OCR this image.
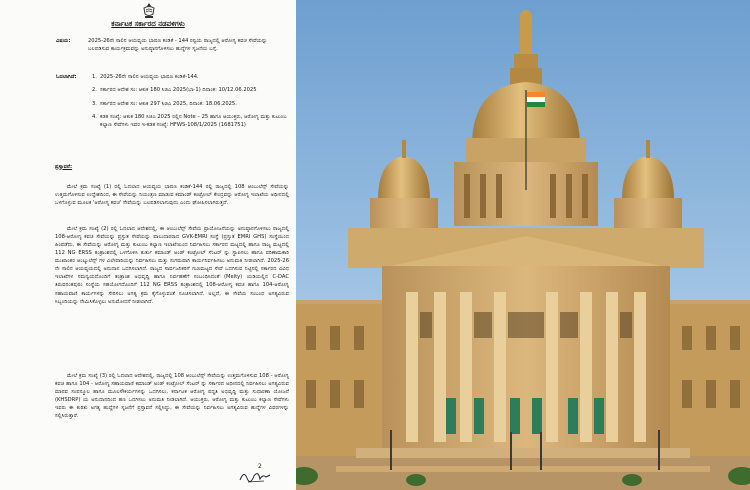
ಕರ್ನಾಟಕ ಸರ್ಕಾರದ ನಡವಳಿಗಳು
ವಿಷಯ:	2025-26ನೇ ಸಾಲಿನ ಆಯವ್ಯಯ ಭಾಷಣ ಕಂಡಿಕೆ - 144 ರನ್ವಯ ರಾಜ್ಯದಲ್ಲಿ ಆರೋಗ್ಯ ಕವಚ ಸೇವೆಯನ್ನು ಬಲಪಡಿಸುವ ಕಾರ್ಯಕ್ರಮವನ್ನು ಅನುಷ್ಠಾನಗೊಳಿಸಲು ಹುದ್ದೆಗಳ ಸೃಜನೆಯ ಬಗ್ಗೆ.
ಓದಲಾಗಿದೆ:	1. 2025-26ನೇ ಸಾಲಿನ ಆಯವ್ಯಯ ಭಾಷಣ ಕಂಡಿಕೆ-144.
2. ಸರ್ಕಾರದ ಆದೇಶ ಸಂ: ಆಕುಕ 180 ಸಿಜಿಎ 2025(ಭಾ-1) ದಿನಾಂಕ: 10/12.06.2025
3. ಸರ್ಕಾರದ ಆದೇಶ ಸಂ: ಆಕುಕ 297 ಸಿಜಿಎ 2025, ದಿನಾಂಕ: 18.06.2025.
4. ಕಡತ ಸಂಖ್ಯೆ: ಆಕುಕ 180 ಸಿಜಿಎ 2025 ರಲ್ಲಿನ Note – 25 ಹಾಗೂ ಆಯುಕ್ತರು, ಆರೋಗ್ಯ ಮತ್ತು ಕುಟುಂಬ ಕಲ್ಯಾಣ ಸೇವೆಗಳು ಇವರ ಇ-ಕಡತ ಸಂಖ್ಯೆ: HFWS-108/1/2025 (1681751)
ಪ್ರಸ್ತಾವನೆ:

ಮೇಲೆ ಕ್ರಮ ಸಂಖ್ಯೆ (1) ರಲ್ಲಿ ಓದಲಾದ ಆಯವ್ಯಯ ಭಾಷಣ ಕಂಡಿಕೆ-144 ರಲ್ಲಿ ರಾಜ್ಯದಲ್ಲಿ 108 ಆಂಬುಲೆನ್ಸ್ ಸೇವೆಯನ್ನು ಉತ್ತಮಗೊಳಿಸುವ ಉದ್ದೇಶದಿಂದ, ಈ ಸೇವೆಯನ್ನು ನಿಯಂತ್ರಣ ಮಾಡುವ ಕಮಾಂಡ್ ಕಂಟ್ರೋಲ್ ಕೇಂದ್ರವನ್ನು ಆರೋಗ್ಯ ಇಲಾಖೆಯ ಅಧೀನದಲ್ಲಿ ಒಳಗೊಳ್ಳುವ ಮೂಲಕ 'ಆರೋಗ್ಯ ಕವಚ' ಸೇವೆಯನ್ನು ಬಲಪಡಿಸಲಾಗುವುದು ಎಂದು ಘೋಷಿಸಲಾಗಿರುತ್ತದೆ.

ಮೇಲೆ ಕ್ರಮ ಸಂಖ್ಯೆ (2) ರಲ್ಲಿ ಓದಲಾದ ಆದೇಶದಲ್ಲಿ, ಈ ಆಂಬುಲೆನ್ಸ್ ಸೇವೆಯ ಪ್ರಾಯೋಜನೆಯನ್ನು ಅನುಷ್ಠಾನಗೊಳಿಸಲು ರಾಜ್ಯದಲ್ಲಿ 108-ಆರೋಗ್ಯ ಕವಚ ಸೇವೆಯನ್ನು ಪ್ರಸ್ತುತ ಸೇವೆಯನ್ನು ಪಾಲುದಾರರಾದ GVK-EMRI ಸಂಸ್ಥೆ (ಪ್ರಸ್ತುತ EMRI GHS) ಸಂಸ್ಥೆಯಿಂದ ಹಿಂಪಡೆದು, ಈ ಸೇವೆಯನ್ನು ಆರೋಗ್ಯ ಮತ್ತು ಕುಟುಂಬ ಕಲ್ಯಾಣ ಇಲಾಖೆಯಿಂದ ನಿರ್ವಹಿಸಲು ಸರ್ಕಾರದ ಮಟ್ಟದಲ್ಲಿ ಹಾಗೂ ರಾಜ್ಯ ಮಟ್ಟದಲ್ಲಿ 112 NG ERSS ತಂತ್ರಾಂಶದಲ್ಲಿ ಒಳಗೊಳಿಸಿ ತುರ್ತು ಕಮಾಂಡ್ ಅಂಡ್ ಕಂಟ್ರೋಲ್ ಸೆಂಟರ್ ನ್ನು ಸ್ಥಾಪಿಸಲು ಹಾಗೂ ಪರಿಣಾಮಕಾರಿ ಮುಖಾಂತರ ಆಂಬ್ಯುಲೆನ್ಸ್ ಗಳ ವಿಲೇವಾರಿಯನ್ನು ನಿರ್ವಹಿಸಲು ಮತ್ತು ಸುಗಮವಾಗಿ ಕಾರ್ಯನಿರ್ವಹಿಸಲು ಅನುಮತಿ ನೀಡಲಾಗಿದೆ. 2025-26 ನೇ ಸಾಲಿನ ಆಯವ್ಯಯದಲ್ಲಿ ಅನುದಾನ ಒದಗಿಸಲಾಗಿದೆ. ರಾಜ್ಯದ ಸಾರ್ವಜನಿಕರಿಗೆ ಗುಣಮಟ್ಟದ ಸೇವೆ ಒದಗಿಸುವ ನಿಟ್ಟಿನಲ್ಲಿ ಸರ್ಕಾರದ ವಿವಿಧ ಇಲಾಖೆಗಳ ಸಮನ್ವಯದೊಂದಿಗೆ ತಂತ್ರಾಂಶ ಅಭಿವೃದ್ಧಿ ಹಾಗೂ ನಿರ್ವಹಣೆಗೆ ಸಂಬಂಧಿಸಿದಂತೆ (Meity) ಯಡಿಯಲ್ಲಿನ C-DAC ತಿರುವನಂತಪುರಂ ಸಂಸ್ಥೆಯ ಸಹಯೋಗದೊಂದಿಗೆ 112 NG ERSS ತಂತ್ರಾಂಶದಲ್ಲಿ 108-ಆರೋಗ್ಯ ಕವಚ ಹಾಗೂ 104-ಆರೋಗ್ಯ ಸಹಾಯವಾಣಿ ಕಾರ್ಯಗಳನ್ನು ಸೇರಿಸಲು ಅಗತ್ಯ ಕ್ರಮ ಕೈಗೊಳ್ಳುವಂತೆ ಸೂಚಿಸಲಾಗಿದೆ. ಅಲ್ಲದೆ, ಈ ಸೇವೆಯ ಸಂಬಂಧ ಅಗತ್ಯವಿರುವ ಸಿಬ್ಬಂದಿಯನ್ನು ನೇಮಿಸಿಕೊಳ್ಳಲು ಅನುಮೋದನೆ ನೀಡಲಾಗಿದೆ.

ಮೇಲೆ ಕ್ರಮ ಸಂಖ್ಯೆ (3) ರಲ್ಲಿ ಓದಲಾದ ಆದೇಶದಲ್ಲಿ, ರಾಜ್ಯದಲ್ಲಿ 108 ಆಂಬುಲೆನ್ಸ್ ಸೇವೆಯನ್ನು ಉತ್ತಮಗೊಳಿಸುವ 108 - ಆರೋಗ್ಯ ಕವಚ ಹಾಗೂ 104 - ಆರೋಗ್ಯ ಸಹಾಯವಾಣಿ ಕಮಾಂಡ್ ಅಂಡ್ ಕಂಟ್ರೋಲ್ ಸೆಂಟರ್ ನ್ನು ಸರ್ಕಾರದ ಅಧೀನದಲ್ಲಿ ನಿರ್ವಹಿಸಲು ಅಗತ್ಯವಿರುವ ಮಾನವ ಸಂಪನ್ಮೂಲ ಹಾಗೂ ಮೂಲಸೌಕರ್ಯಗಳನ್ನು ಒದಗಿಸಲು, ಕರ್ನಾಟಕ ಆರೋಗ್ಯ ಪದ್ಧತಿ ಅಭಿವೃದ್ಧಿ ಮತ್ತು ಸುಧಾರಣಾ ಯೋಜನೆ (KHSDRP) ಯ ಅನುದಾನದಿಂದ ಹಣ ಒದಗಿಸಲು ಅನುಮತಿ ನೀಡಲಾಗಿದೆ. ಆಯುಕ್ತರು, ಆರೋಗ್ಯ ಮತ್ತು ಕುಟುಂಬ ಕಲ್ಯಾಣ ಸೇವೆಗಳು ಇವರು ಈ ಕುರಿತು ಅಗತ್ಯ ಹುದ್ದೆಗಳ ಸೃಜನೆಗೆ ಪ್ರಸ್ತಾವನೆ ಸಲ್ಲಿಸಿದ್ದು, ಈ ಸೇವೆಯನ್ನು ನಿರ್ವಹಿಸಲು ಅಗತ್ಯವಿರುವ ಹುದ್ದೆಗಳ ವಿವರಗಳನ್ನು ಸಲ್ಲಿಸಿರುತ್ತಾರೆ.

2
